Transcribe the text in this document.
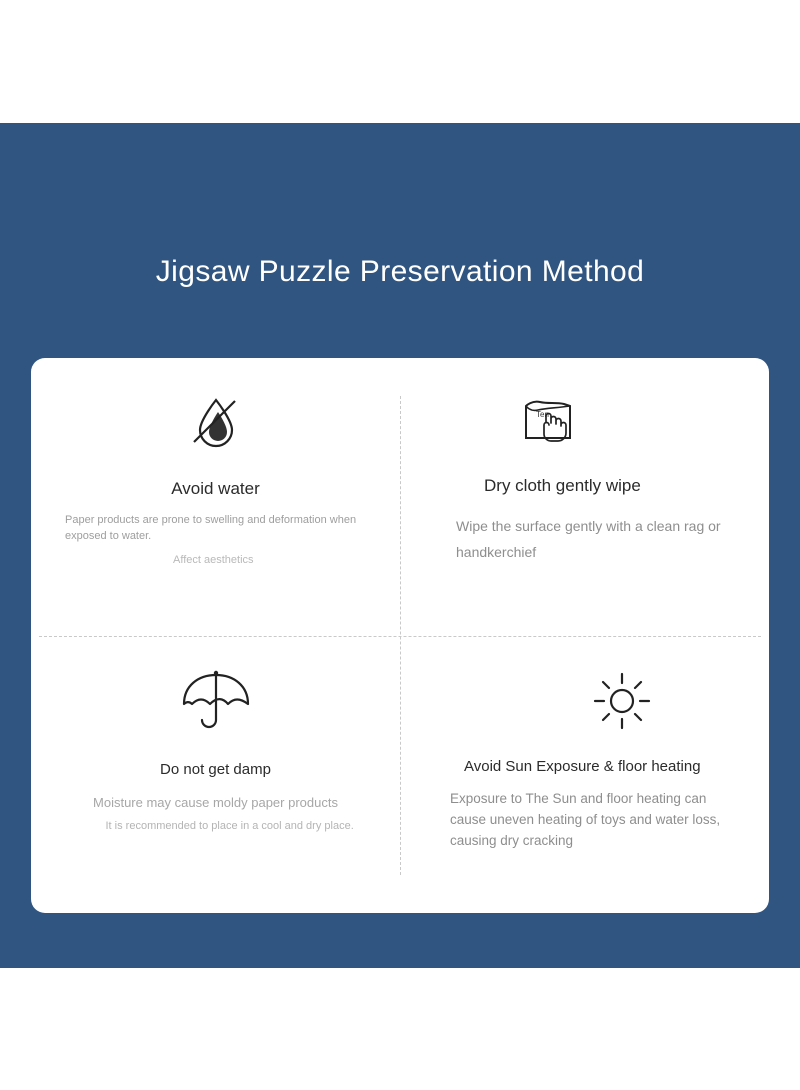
Jigsaw Puzzle Preservation Method
Avoid water
Paper products are prone to swelling and deformation when exposed to water.
Affect aesthetics
Ten
Dry cloth gently wipe
Wipe the surface gently with a clean rag or handkerchief
Do not get damp
Moisture may cause moldy paper products
It is recommended to place in a cool and dry place.
Avoid Sun Exposure & floor heating
Exposure to The Sun and floor heating can cause uneven heating of toys and water loss, causing dry cracking
